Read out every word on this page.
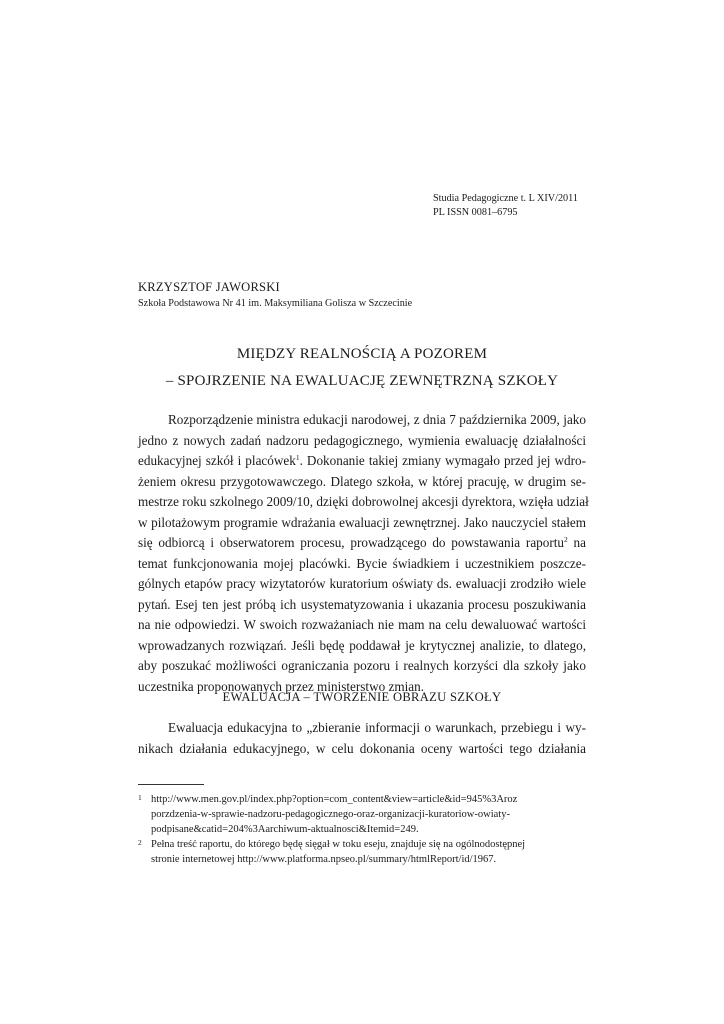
Studia Pedagogiczne t. L XIV/2011
PL ISSN 0081–6795
KRZYSZTOF JAWORSKI
Szkoła Podstawowa Nr 41 im. Maksymiliana Golisza w Szczecinie
MIĘDZY REALNOŚCIĄ A POZOREM
– SPOJRZENIE NA EWALUACJĘ ZEWNĘTRZNĄ SZKOŁY
Rozporządzenie ministra edukacji narodowej, z dnia 7 października 2009, jako
jedno z nowych zadań nadzoru pedagogicznego, wymienia ewaluację działalności
edukacyjnej szkół i placówek$^1$. Dokonanie takiej zmiany wymagało przed jej wdro-
żeniem okresu przygotowawczego. Dlatego szkoła, w której pracuję, w drugim se-
mestrze roku szkolnego 2009/10, dzięki dobrowolnej akcesji dyrektora, wzięła udział
w pilotażowym programie wdrażania ewaluacji zewnętrznej. Jako nauczyciel stałem
się odbiorcą i obserwatorem procesu, prowadzącego do powstawania raportu$^2$ na
temat funkcjonowania mojej placówki. Bycie świadkiem i uczestnikiem poszcze-
gólnych etapów pracy wizytatorów kuratorium oświaty ds. ewaluacji zrodziło wiele
pytań. Esej ten jest próbą ich usystematyzowania i ukazania procesu poszukiwania
na nie odpowiedzi. W swoich rozważaniach nie mam na celu dewaluować wartości
wprowadzanych rozwiązań. Jeśli będę poddawał je krytycznej analizie, to dlatego,
aby poszukać możliwości ograniczania pozoru i realnych korzyści dla szkoły jako
uczestnika proponowanych przez ministerstwo zmian.
EWALUACJA – TWORZENIE OBRAZU SZKOŁY
Ewaluacja edukacyjna to „zbieranie informacji o warunkach, przebiegu i wy-
nikach działania edukacyjnego, w celu dokonania oceny wartości tego działania
1 http://www.men.gov.pl/index.php?option=com_content&view=article&id=945%3Aroz
porzdzenia-w-sprawie-nadzoru-pedagogicznego-oraz-organizacji-kuratoriow-owiaty-
podpisane&catid=204%3Aarchiwum-aktualnosci&Itemid=249.
2 Pełna treść raportu, do którego będę sięgał w toku eseju, znajduje się na ogólnodostępnej
stronie internetowej http://www.platforma.npseo.pl/summary/htmlReport/id/1967.
